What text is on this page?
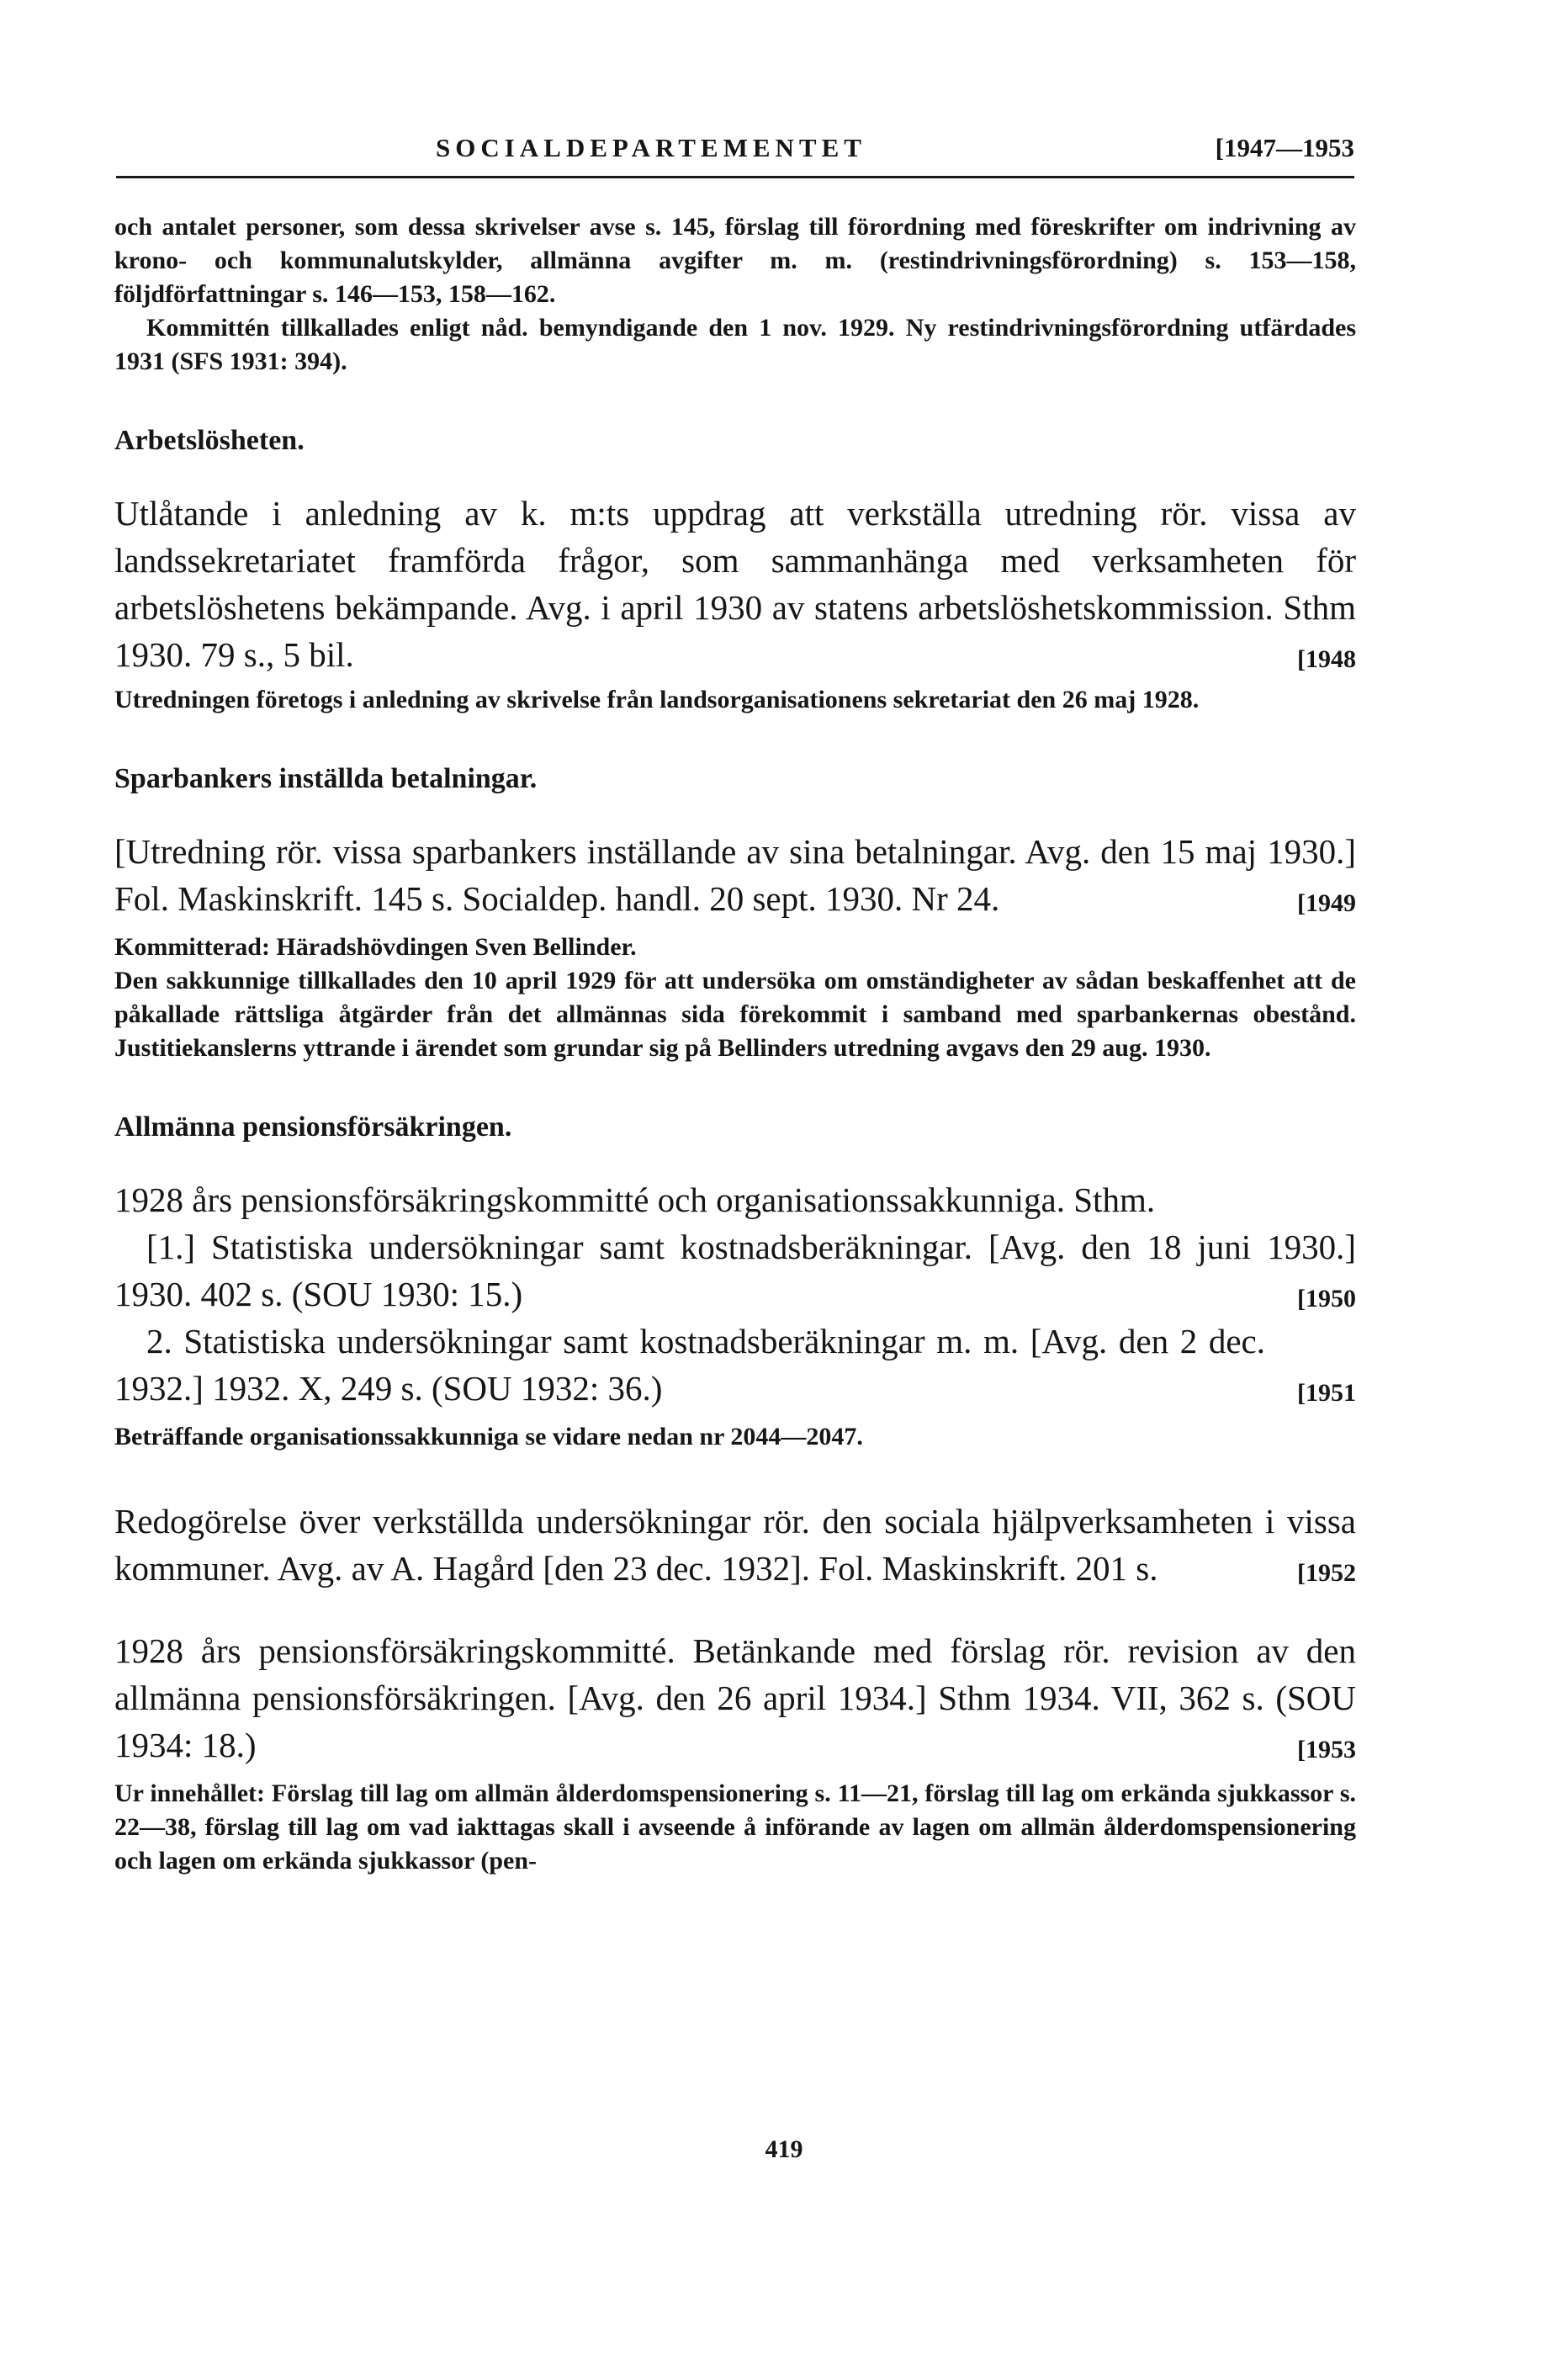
SOCIALDEPARTEMENTET	[1947—1953

och antalet personer, som dessa skrivelser avse s. 145, förslag till förordning med föreskrifter om indrivning av krono- och kommunalutskylder, allmänna avgifter m. m. (restindrivningsförordning) s. 153—158, följdförfattningar s. 146—153, 158—162.

Kommittén tillkallades enligt nåd. bemyndigande den 1 nov. 1929. Ny restindrivningsförordning utfärdades 1931 (SFS 1931: 394).

Arbetslösheten.

Utlåtande i anledning av k. m:ts uppdrag att verkställa utredning rör. vissa av landssekretariatet framförda frågor, som sammanhänga med verksamheten för arbetslöshetens bekämpande. Avg. i april 1930 av statens arbetslöshetskommission. Sthm 1930. 79 s., 5 bil.	[1948

Utredningen företogs i anledning av skrivelse från landsorganisationens sekretariat den 26 maj 1928.

Sparbankers inställda betalningar.

[Utredning rör. vissa sparbankers inställande av sina betalningar. Avg. den 15 maj 1930.] Fol. Maskinskrift. 145 s. Socialdep. handl. 20 sept. 1930. Nr 24.	[1949

Kommitterad: Häradshövdingen Sven Bellinder.

Den sakkunnige tillkallades den 10 april 1929 för att undersöka om omständigheter av sådan beskaffenhet att de påkallade rättsliga åtgärder från det allmännas sida förekommit i samband med sparbankernas obestånd. Justitiekanslerns yttrande i ärendet som grundar sig på Bellinders utredning avgavs den 29 aug. 1930.

Allmänna pensionsförsäkringen.

1928 års pensionsförsäkringskommitté och organisationssakkunniga. Sthm.

[1.] Statistiska undersökningar samt kostnadsberäkningar. [Avg. den 18 juni 1930.] 1930. 402 s. (SOU 1930: 15.)	[1950

2. Statistiska undersökningar samt kostnadsberäkningar m. m. [Avg. den 2 dec. 1932.] 1932. X, 249 s. (SOU 1932: 36.)	[1951

Beträffande organisationssakkunniga se vidare nedan nr 2044—2047.

Redogörelse över verkställda undersökningar rör. den sociala hjälpverksamheten i vissa kommuner. Avg. av A. Hagård [den 23 dec. 1932]. Fol. Maskinskrift. 201 s.	[1952

1928 års pensionsförsäkringskommitté. Betänkande med förslag rör. revision av den allmänna pensionsförsäkringen. [Avg. den 26 april 1934.] Sthm 1934. VII, 362 s. (SOU 1934: 18.)	[1953

Ur innehållet: Förslag till lag om allmän ålderdomspensionering s. 11—21, förslag till lag om erkända sjukkassor s. 22—38, förslag till lag om vad iakttagas skall i avseende å införande av lagen om allmän ålderdomspensionering och lagen om erkända sjukkassor (pen-

419
